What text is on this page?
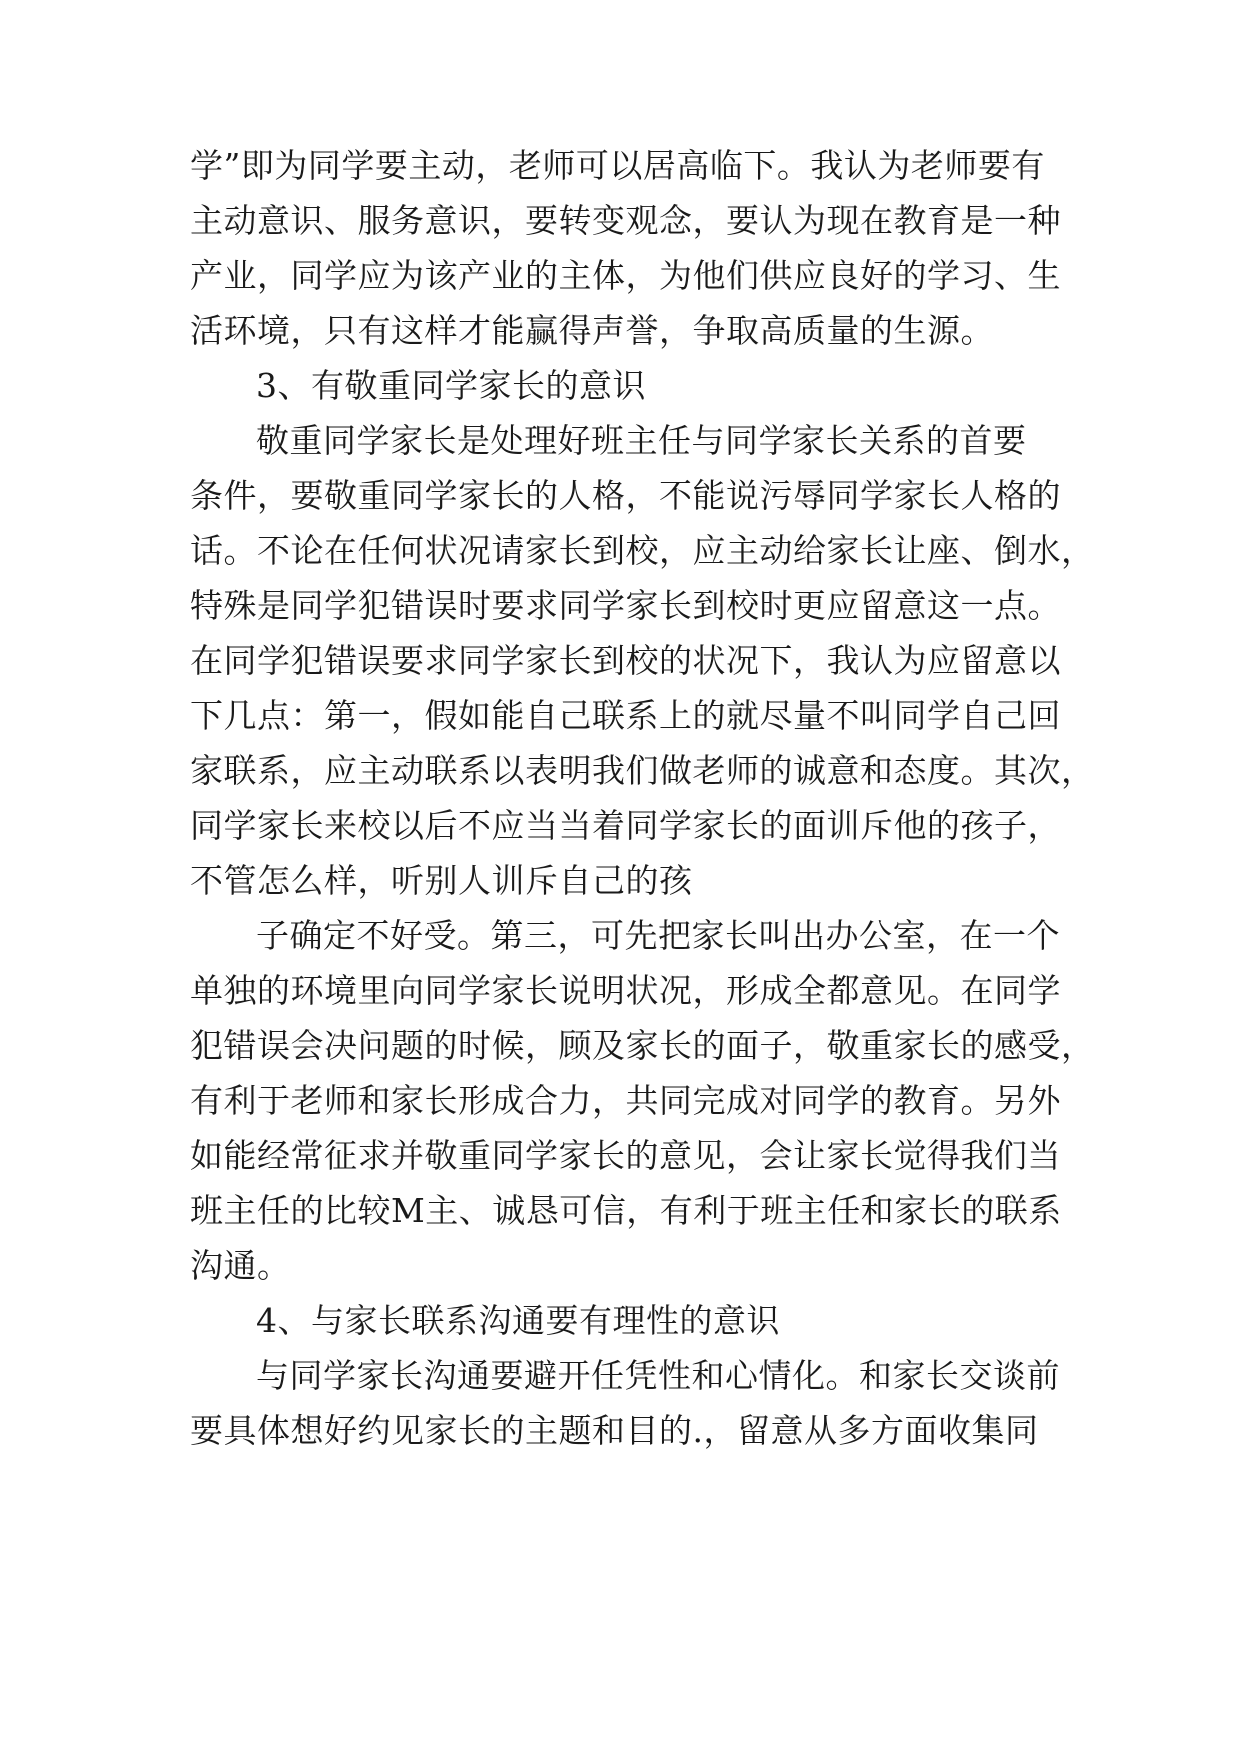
学”即为同学要主动，老师可以居高临下。我认为老师要有
主动意识、服务意识，要转变观念，要认为现在教育是一种
产业，同学应为该产业的主体，为他们供应良好的学习、生
活环境，只有这样才能赢得声誉，争取高质量的生源。
3、有敬重同学家长的意识
敬重同学家长是处理好班主任与同学家长关系的首要
条件，要敬重同学家长的人格，不能说污辱同学家长人格的
话。不论在任何状况请家长到校，应主动给家长让座、倒水，
特殊是同学犯错误时要求同学家长到校时更应留意这一点。
在同学犯错误要求同学家长到校的状况下，我认为应留意以
下几点：第一，假如能自己联系上的就尽量不叫同学自己回
家联系，应主动联系以表明我们做老师的诚意和态度。其次，
同学家长来校以后不应当当着同学家长的面训斥他的孩子，
不管怎么样，听别人训斥自己的孩
子确定不好受。第三，可先把家长叫出办公室，在一个
单独的环境里向同学家长说明状况，形成全都意见。在同学
犯错误会决问题的时候，顾及家长的面子，敬重家长的感受，
有利于老师和家长形成合力，共同完成对同学的教育。另外
如能经常征求并敬重同学家长的意见，会让家长觉得我们当
班主任的比较M主、诚恳可信，有利于班主任和家长的联系
沟通。
4、与家长联系沟通要有理性的意识
与同学家长沟通要避开任凭性和心情化。和家长交谈前
要具体想好约见家长的主题和目的.，留意从多方面收集同
